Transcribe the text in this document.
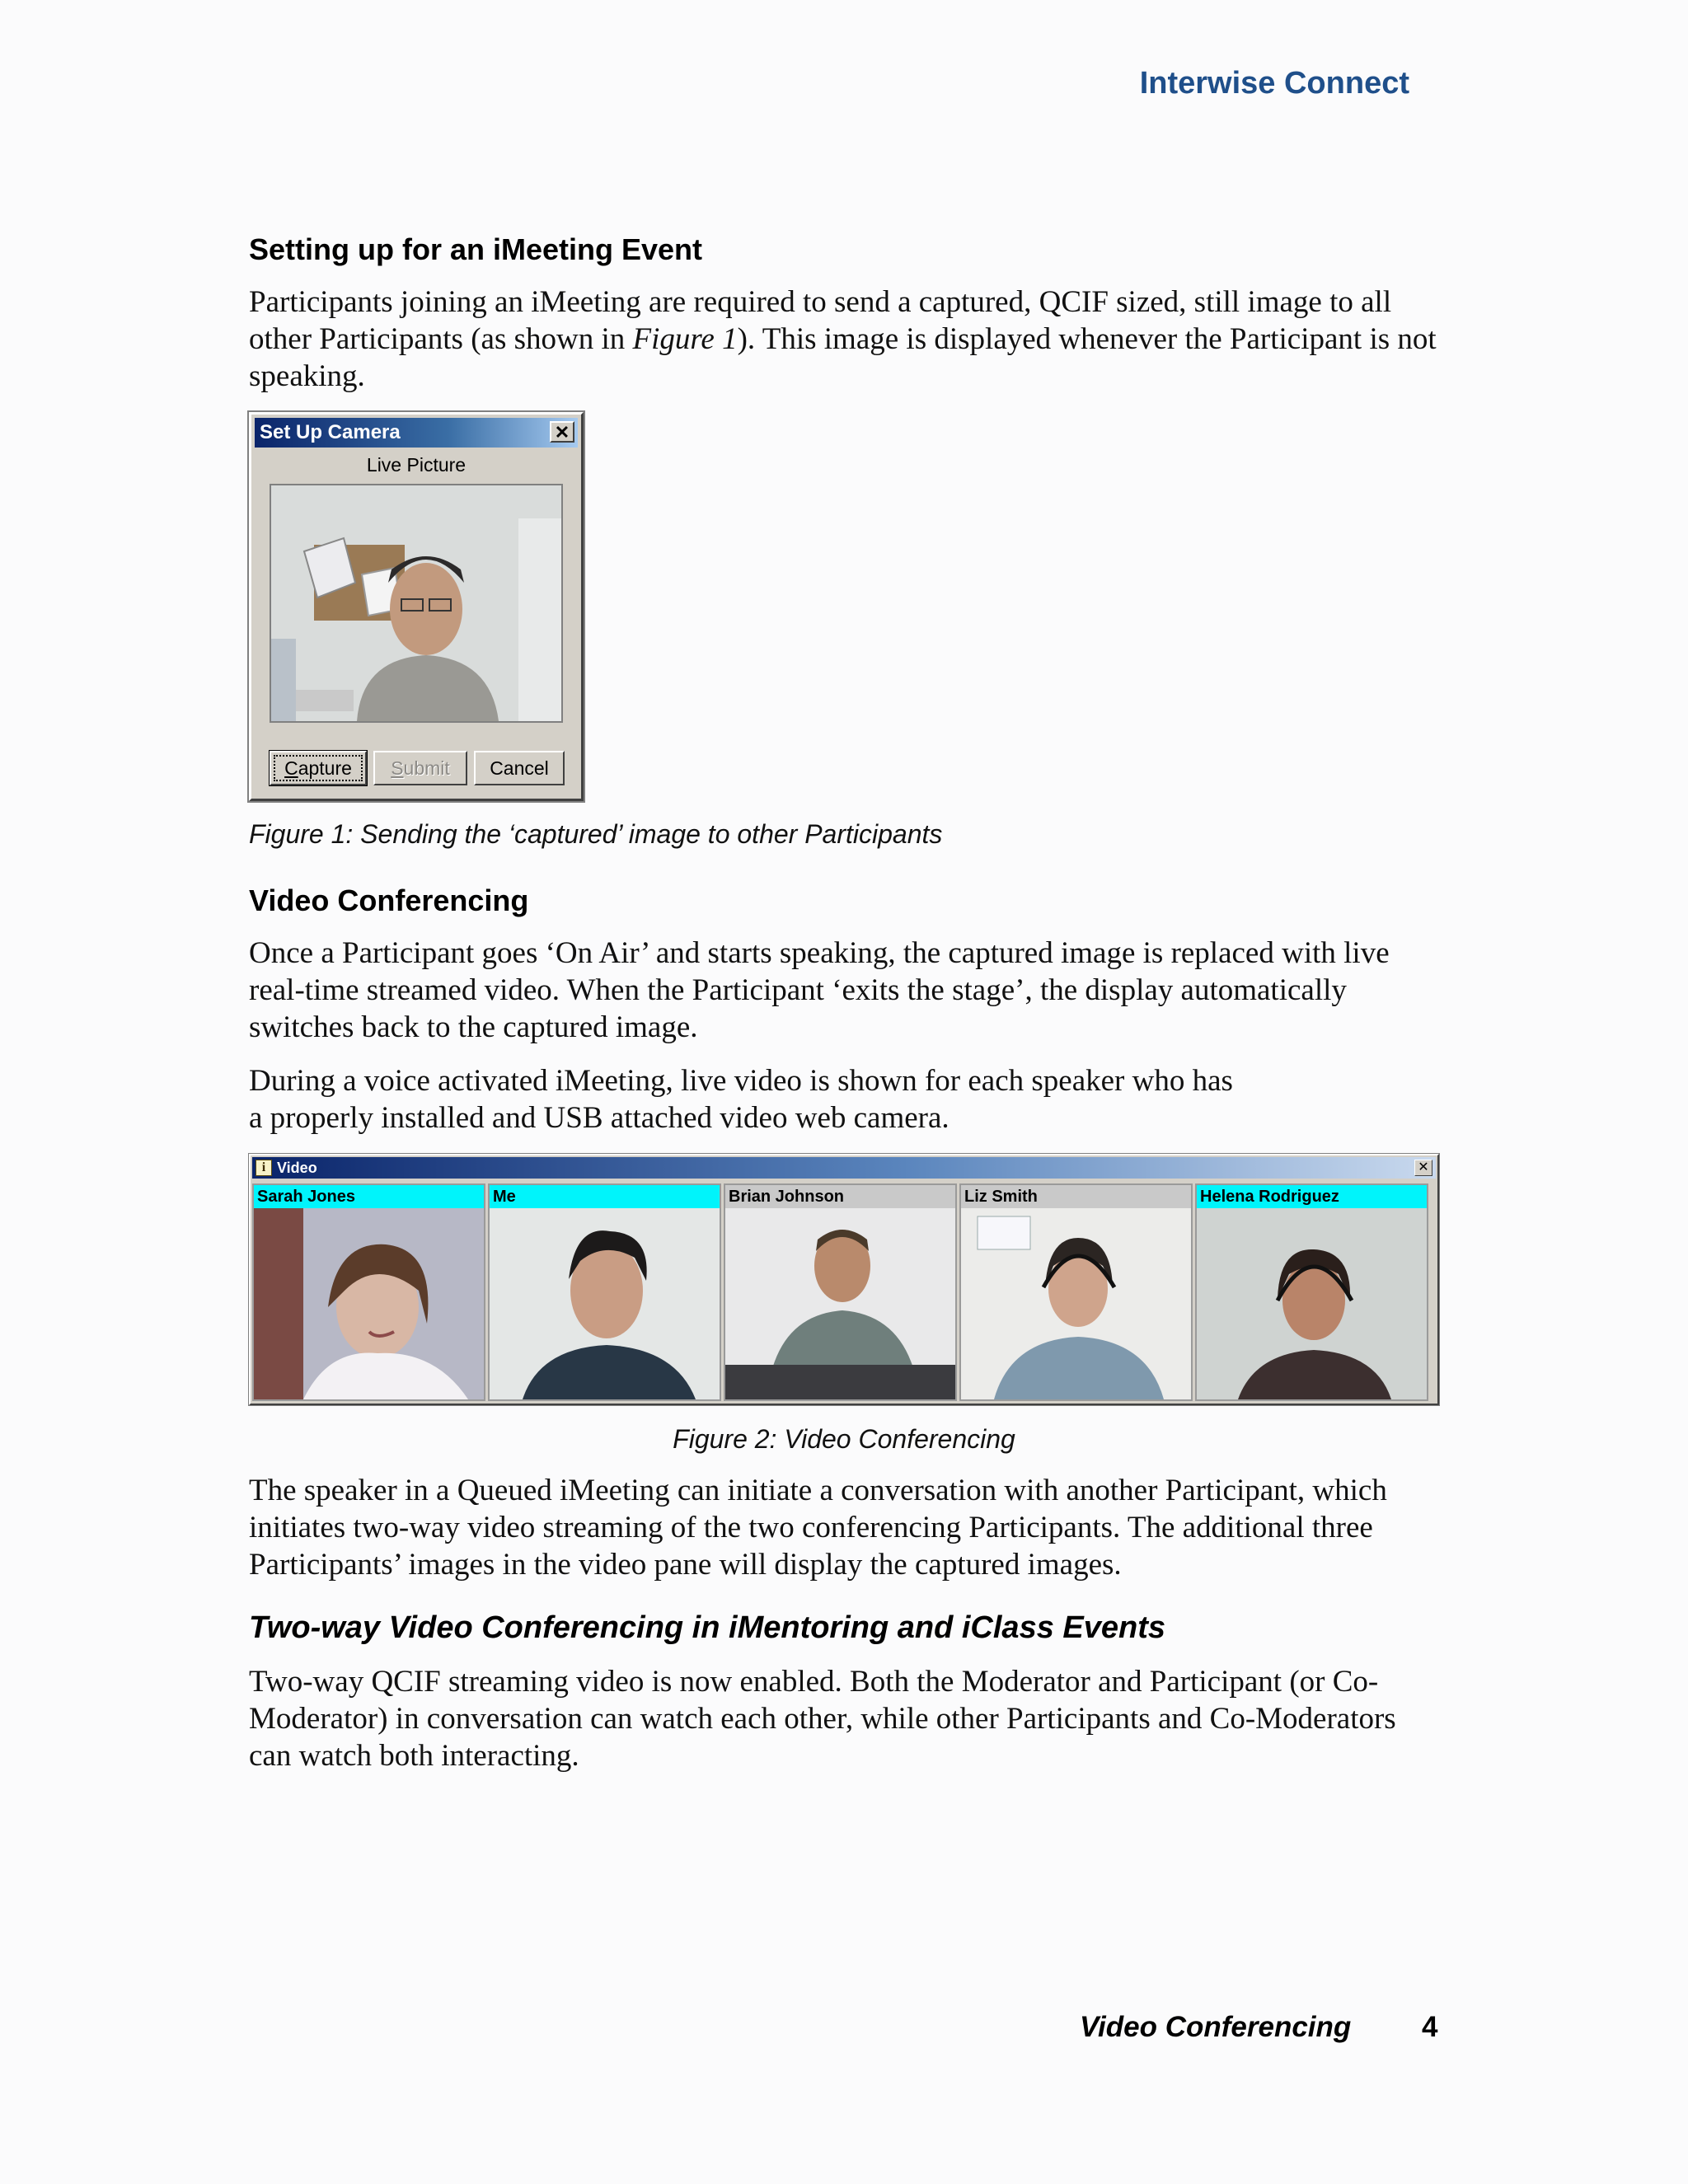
Interwise Connect
Setting up for an iMeeting Event

Participants joining an iMeeting are required to send a captured, QCIF sized, still image to all other Participants (as shown in Figure 1). This image is displayed whenever the Participant is not speaking.

Set Up Camera	✕
Live Picture
Capture	Submit	Cancel

Figure 1: Sending the ‘captured’ image to other Participants

Video Conferencing

Once a Participant goes ‘On Air’ and starts speaking, the captured image is replaced with live real-time streamed video. When the Participant ‘exits the stage’, the display automatically switches back to the captured image.

During a voice activated iMeeting, live video is shown for each speaker who has
a properly installed and USB attached video web camera.

i Video	✕
Sarah Jones	Me	Brian Johnson	Liz Smith	Helena Rodriguez

Figure 2: Video Conferencing

The speaker in a Queued iMeeting can initiate a conversation with another Participant, which initiates two-way video streaming of the two conferencing Participants. The additional three Participants’ images in the video pane will display the captured images.

Two-way Video Conferencing in iMentoring and iClass Events

Two-way QCIF streaming video is now enabled. Both the Moderator and Participant (or Co-Moderator) in conversation can watch each other, while other Participants and Co-Moderators can watch both interacting.

Video Conferencing 4
